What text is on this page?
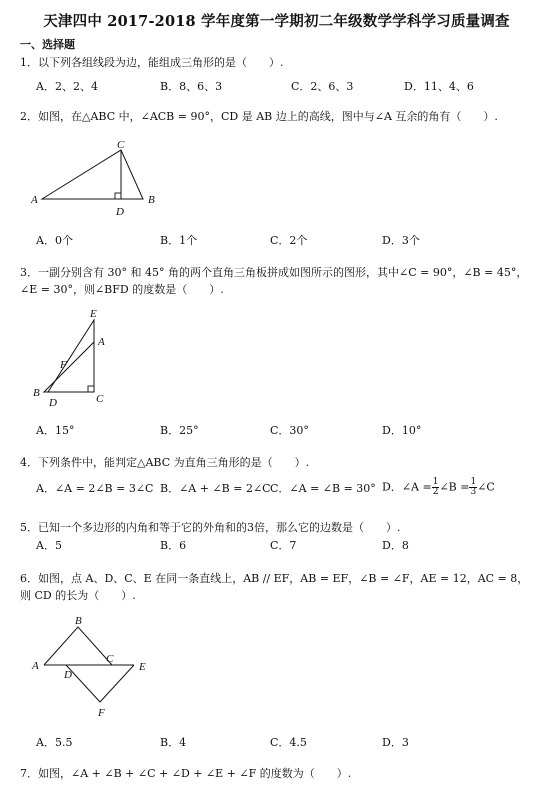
天津四中 2017-2018 学年度第一学期初二年级数学学科学习质量调查
一、选择题
1．以下列各组线段为边，能组成三角形的是（　　）.
A．2、2、4	B．8、6、3	C．2、6、3	D．11、4、6
2．如图，在△ABC 中，∠ACB = 90°，CD 是 AB 边上的高线，图中与∠A 互余的角有（　　）.
A
C
B
D
A．0个	B．1个	C．2个	D．3个
3．一副分别含有 30° 和 45° 角的两个直角三角板拼成如图所示的图形，其中∠C = 90°，∠B = 45°，
∠E = 30°，则∠BFD 的度数是（　　）.
E
A
F
B
D	C
A．15°	B．25°	C．30°	D．10°
4．下列条件中，能判定△ABC 为直角三角形的是（　　）.
A．∠A = 2∠B = 3∠C B．∠A + ∠B = 2∠C C．∠A = ∠B = 30° D．∠A = $\frac{1}{2}$ ∠B = $\frac{1}{3}$ ∠C
5．已知一个多边形的内角和等于它的外角和的3倍，那么它的边数是（　　）.
A．5	B．6	C．7	D．8
6．如图，点 A、D、C、E 在同一条直线上，AB // EF，AB = EF，∠B = ∠F，AE = 12，AC = 8，
则 CD 的长为（　　）.
B
A
C
D
E
F
A．5.5	B．4	C．4.5	D．3
7．如图，∠A + ∠B + ∠C + ∠D + ∠E + ∠F 的度数为（　　）.
